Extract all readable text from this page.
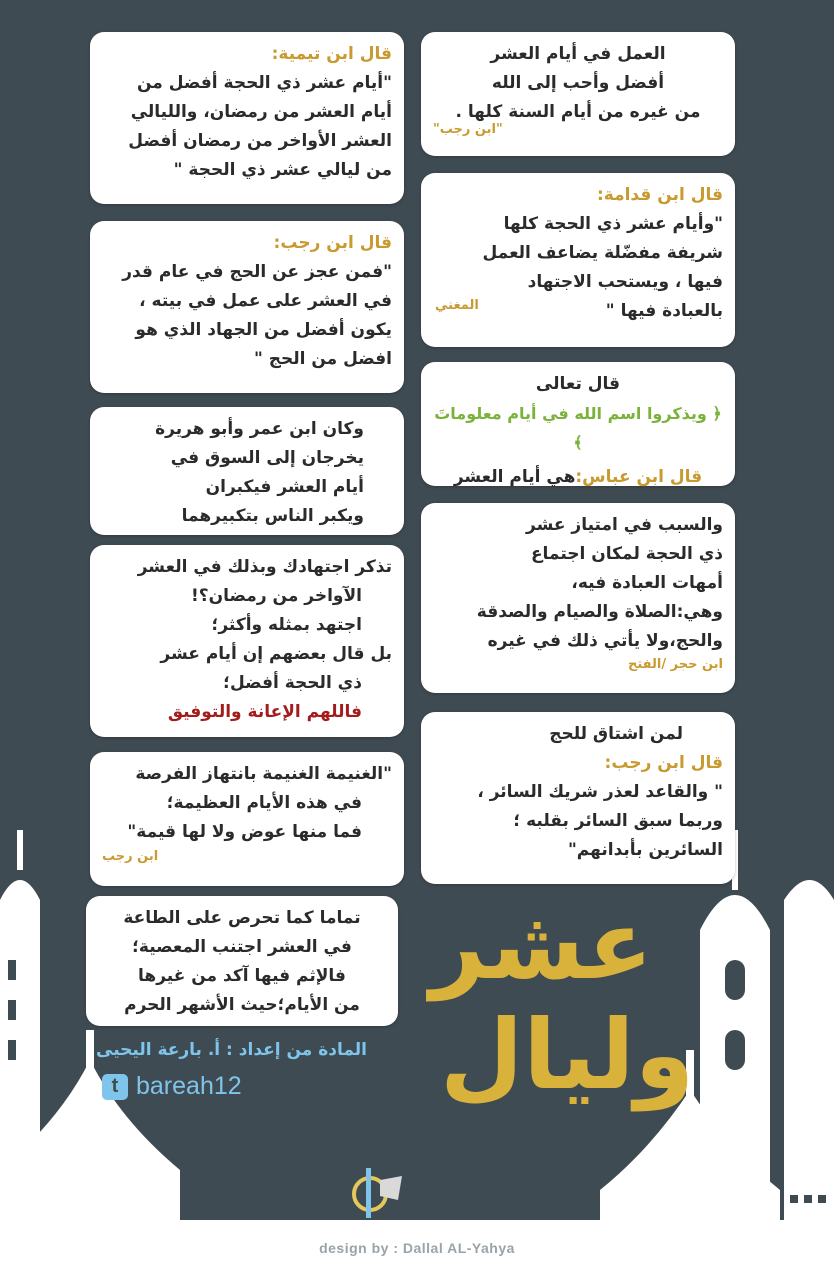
العمل في أيام العشر

أفضل وأحب إلى الله

من غيره من أيام السنة كلها .

"ابن رجب"

قال ابن قدامة:

"وأيام عشر ذي الحجة كلها

شريفة مفضّلة يضاعف العمل

فيها ، ويستحب الاجتهاد

بالعبادة فيها "
المغني

قال تعالى

﴿ ويذكروا اسم الله في أيام معلوماتَ ﴾

قال ابن عباس:هي أيام العشر

والسبب في امتياز عشر

ذي الحجة لمكان اجتماع

أمهات العبادة فيه،

وهي:الصلاة والصيام والصدقة

والحج،ولا يأتي ذلك في غيره

ابن حجر /الفتح

لمن اشتاق للحج

قال ابن رجب:

" والقاعد لعذر شريك السائر ،

وربما سبق السائر بقلبه ؛

السائرين بأبدانهم"

قال ابن تيمية:

"أيام عشر ذي الحجة أفضل من

أيام العشر من رمضان، والليالي

العشر الأواخر من رمضان أفضل

من ليالي عشر ذي الحجة "

قال ابن رجب:

"فمن عجز عن الحج في عام قدر

في العشر على عمل في بيته ،

يكون أفضل من الجهاد الذي هو

افضل من الحج "

وكان ابن عمر وأبو هريرة

يخرجان إلى السوق في

أيام العشر فيكبران

ويكبر الناس بتكبيرهما

تذكر اجتهادك وبذلك في العشر

الآواخر من رمضان؟!

اجتهد بمثله وأكثر؛

بل قال بعضهم إن أيام عشر

ذي الحجة أفضل؛

فاللهم الإعانة والتوفيق

"الغنيمة الغنيمة بانتهاز الفرصة

في هذه الأيام العظيمة؛

فما منها عوض ولا لها قيمة"

ابن رجب

تماما كما تحرص على الطاعة

في العشر اجتنب المعصية؛

فالإثم فيها آكد من غيرها

من الأيام؛حيث الأشهر الحرم

عشر
وليال
المادة من إعداد : أ. بارعة اليحيى
t bareah12
design by : Dallal AL-Yahya
